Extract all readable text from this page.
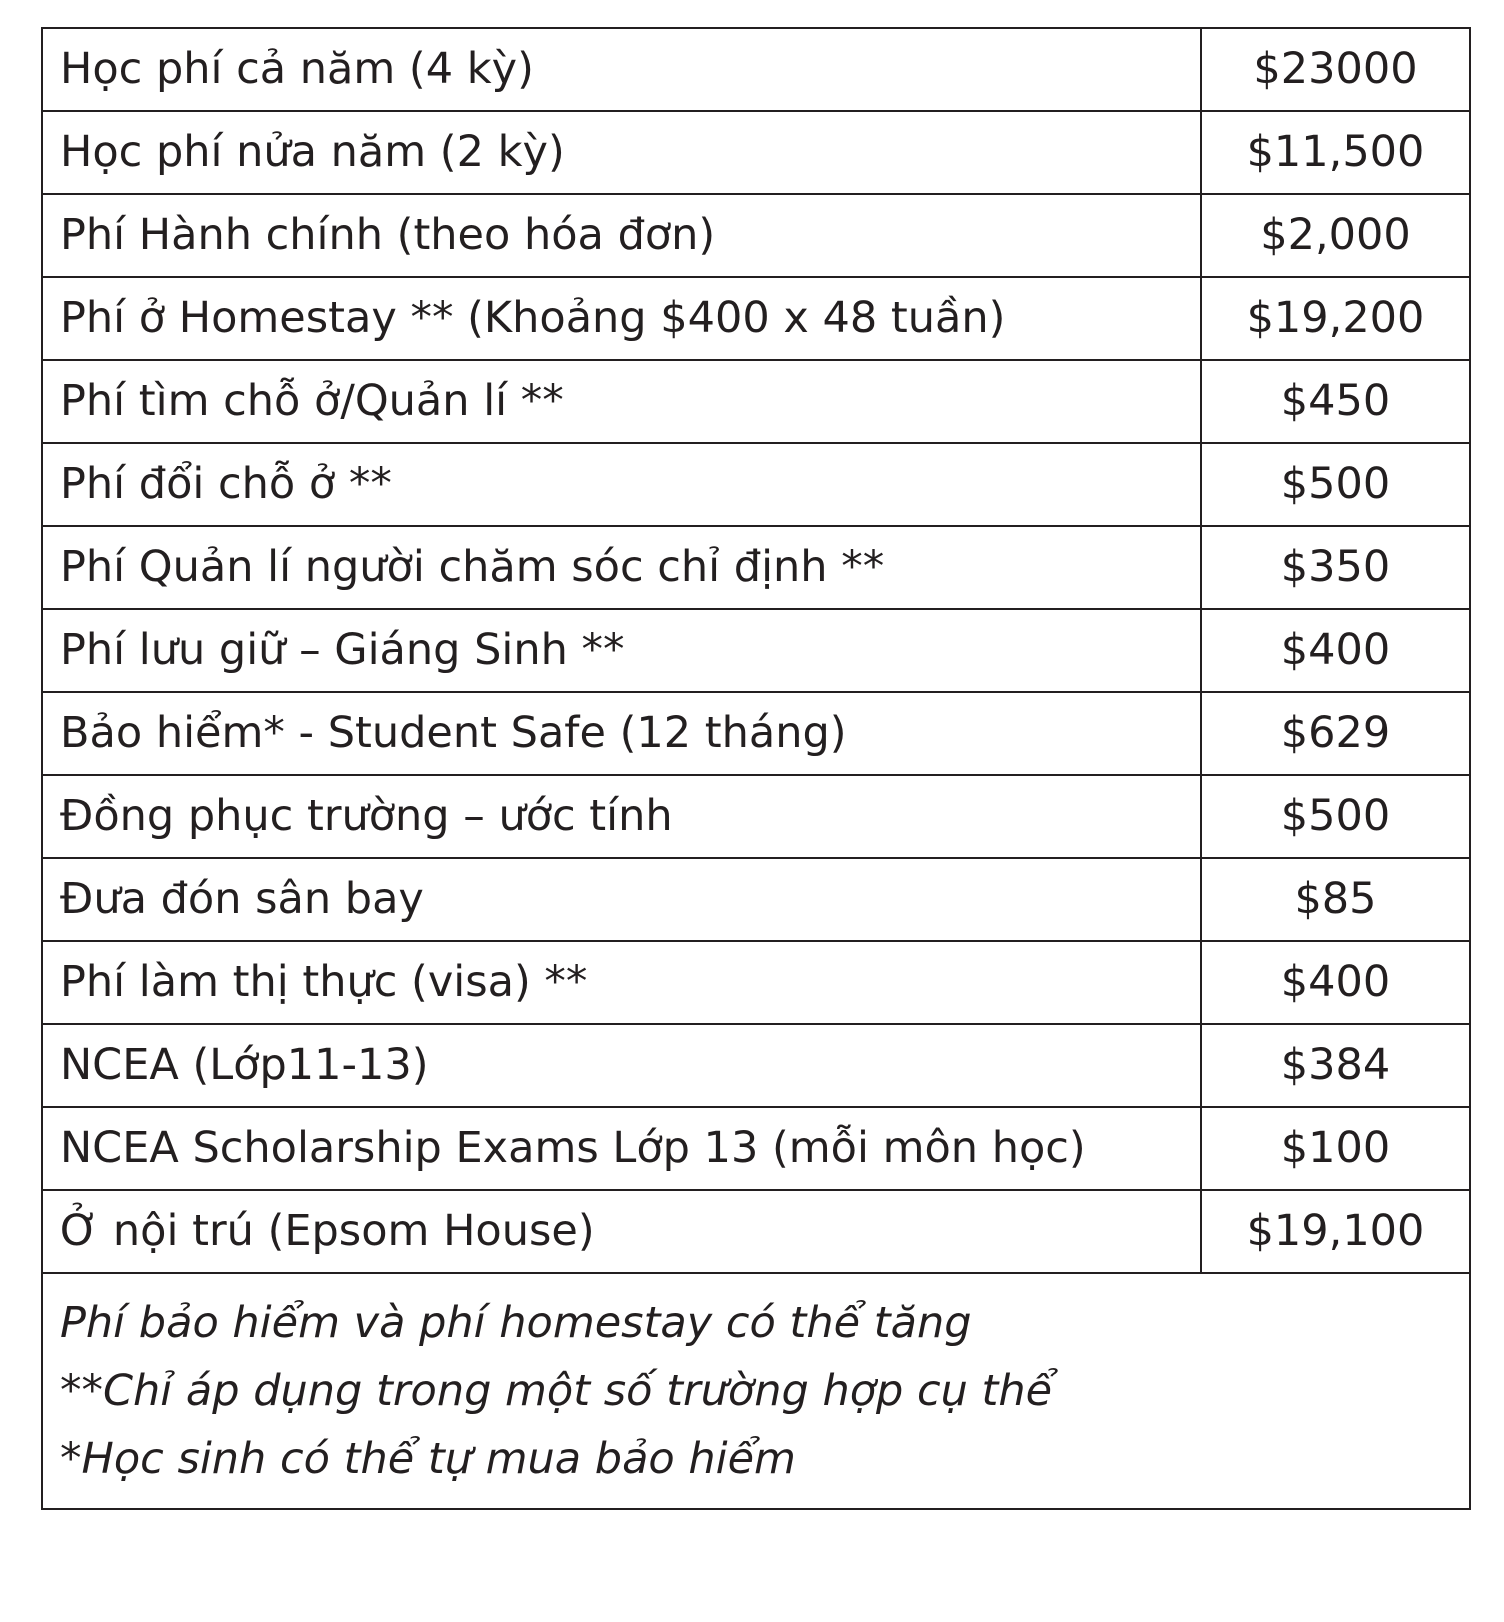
Học phí cả năm (4 kỳ)	$23000
Học phí nửa năm (2 kỳ)	$11,500
Phí Hành chính (theo hóa đơn)	$2,000
Phí ở Homestay ** (Khoảng $400 x 48 tuần)	$19,200
Phí tìm chỗ ở/Quản lí **	$450
Phí đổi chỗ ở **	$500
Phí Quản lí người chăm sóc chỉ định **	$350
Phí lưu giữ – Giáng Sinh **	$400
Bảo hiểm* - Student Safe (12 tháng)	$629
Đồng phục trường – ước tính	$500
Đưa đón sân bay	$85
Phí làm thị thực (visa) **	$400
NCEA (Lớp11-13)	$384
NCEA Scholarship Exams Lớp 13 (mỗi môn học)	$100
Ở nội trú (Epsom House)	$19,100

Phí bảo hiểm và phí homestay có thể tăng
**Chỉ áp dụng trong một số trường hợp cụ thể
*Học sinh có thể tự mua bảo hiểm	
